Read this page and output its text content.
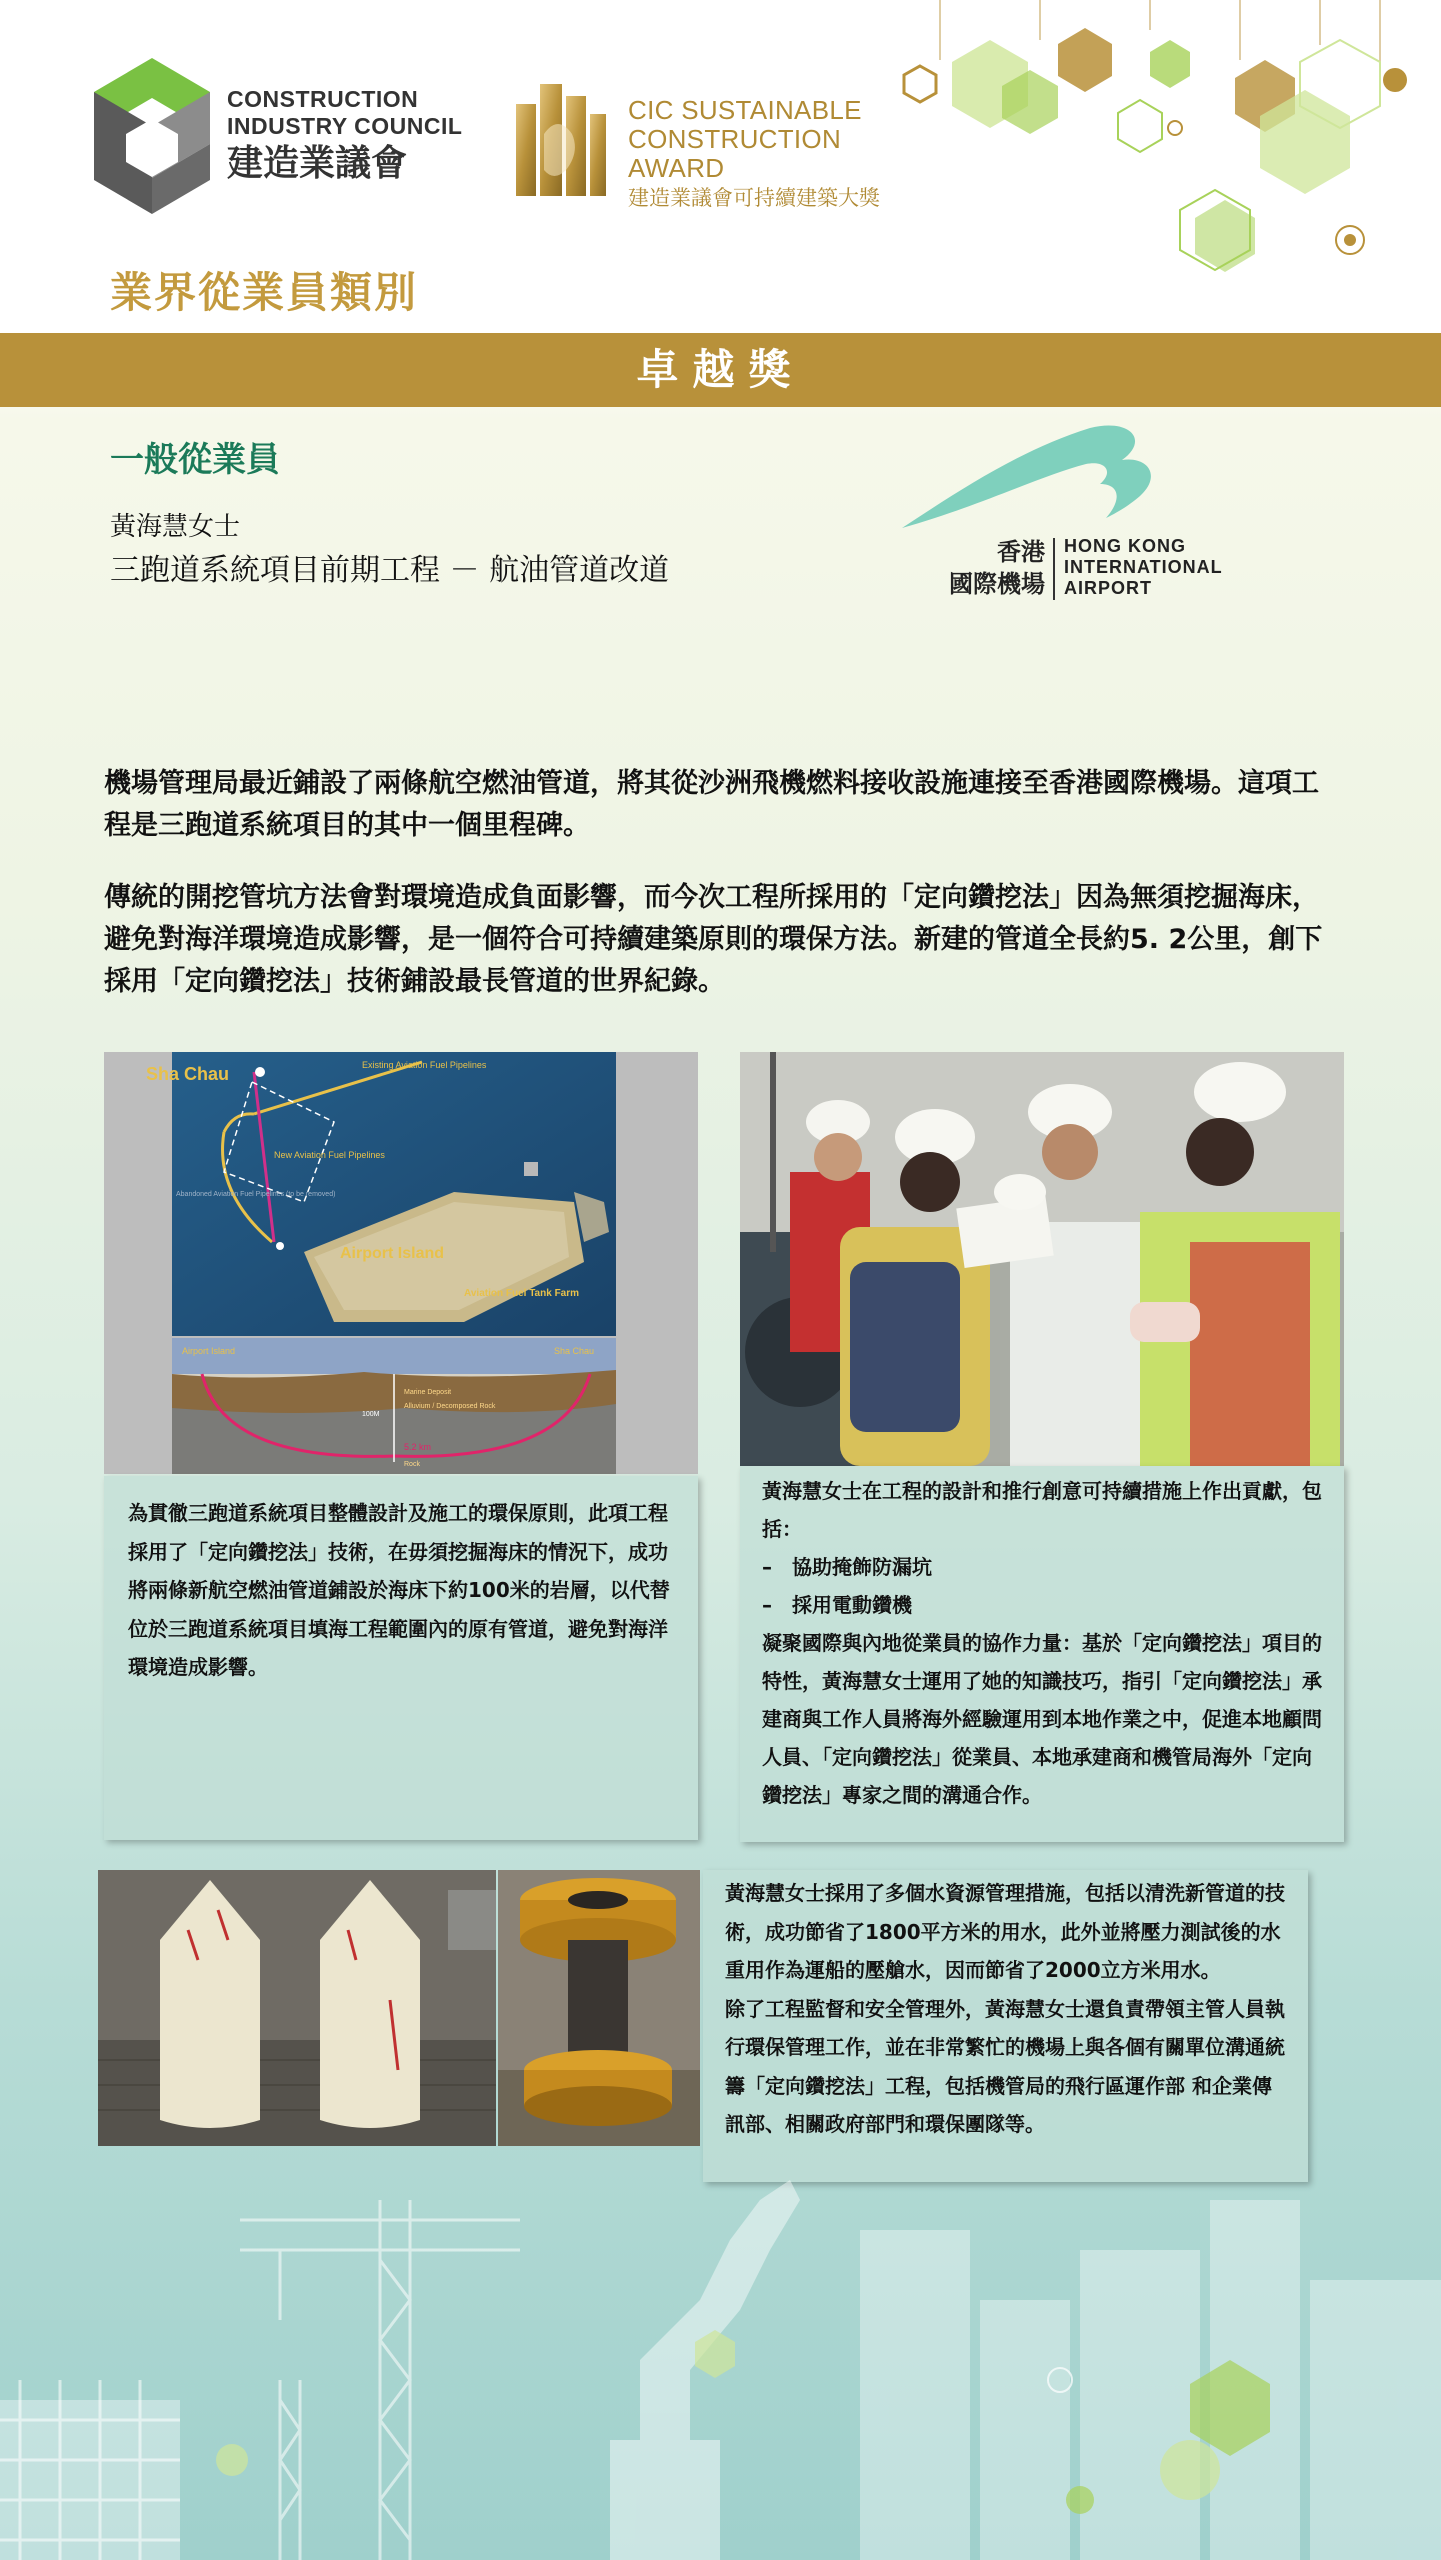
CONSTRUCTION
INDUSTRY COUNCIL
建造業議會
CIC SUSTAINABLE
CONSTRUCTION AWARD
建造業議會可持續建築大獎
業界從業員類別
卓越獎
一般從業員
黃海慧女士
三跑道系統項目前期工程 － 航油管道改道
香港
國際機場
HONG KONG
INTERNATIONAL
AIRPORT

機場管理局最近鋪設了兩條航空燃油管道，將其從沙洲飛機燃料接收設施連接至香港國際機場。這項工程是三跑道系統項目的其中一個里程碑。

傳統的開挖管坑方法會對環境造成負面影響，而今次工程所採用的「定向鑽挖法」因為無須挖掘海床，避免對海洋環境造成影響，是一個符合可持續建築原則的環保方法。新建的管道全長約5. 2公里，創下採用「定向鑽挖法」技術鋪設最長管道的世界紀錄。

Sha Chau	Existing Aviation Fuel Pipelines
New Aviation Fuel Pipelines
Abandoned Aviation Fuel Pipelines (to be removed)
Airport Island
Aviation Fuel Tank Farm
Airport Island	Sha Chau
100M
Marine Deposit
Alluvium / Decomposed Rock
5.2 km
Rock

為貫徹三跑道系統項目整體設計及施工的環保原則，此項工程採用了「定向鑽挖法」技術，在毋須挖掘海床的情況下，成功將兩條新航空燃油管道鋪設於海床下約100米的岩層，以代替位於三跑道系統項目填海工程範圍內的原有管道，避免對海洋環境造成影響。

黃海慧女士在工程的設計和推行創意可持續措施上作出貢獻，包括：

–　協助掩飾防漏坑

–　採用電動鑽機

凝聚國際與內地從業員的協作力量：基於「定向鑽挖法」項目的特性，黃海慧女士運用了她的知識技巧，指引「定向鑽挖法」承建商與工作人員將海外經驗運用到本地作業之中，促進本地顧問人員、「定向鑽挖法」從業員、本地承建商和機管局海外「定向鑽挖法」專家之間的溝通合作。

黃海慧女士採用了多個水資源管理措施，包括以清洗新管道的技術，成功節省了1800平方米的用水，此外並將壓力測試後的水重用作為運船的壓艙水，因而節省了2000立方米用水。

除了工程監督和安全管理外，黃海慧女士還負責帶領主管人員執行環保管理工作，並在非常繁忙的機場上與各個有關單位溝通統籌「定向鑽挖法」工程，包括機管局的飛行區運作部 和企業傳訊部、相關政府部門和環保團隊等。
